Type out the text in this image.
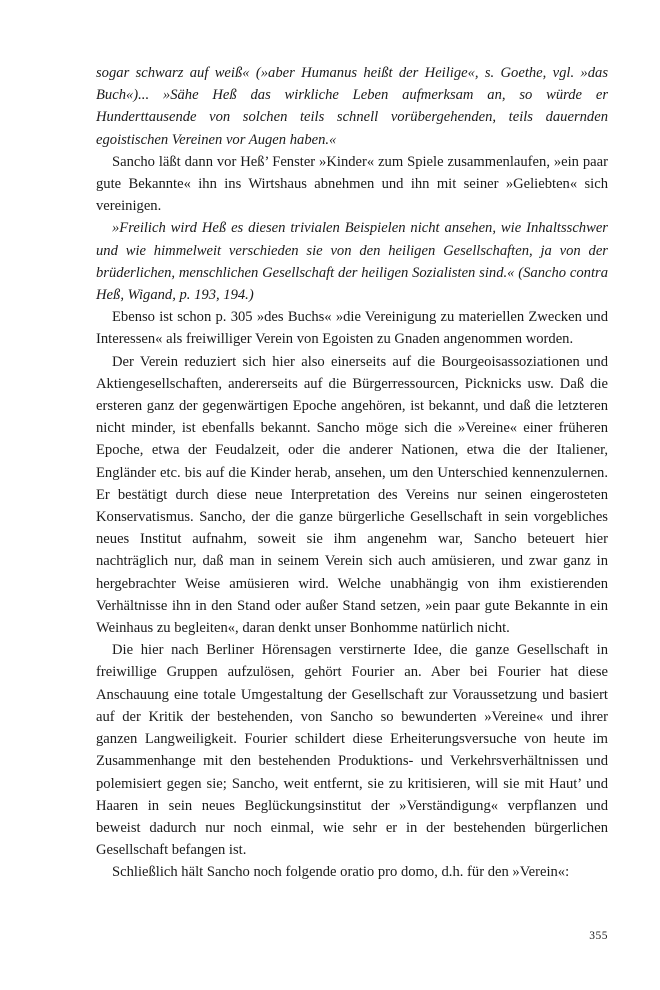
sogar schwarz auf weiß« (»aber Humanus heißt der Heilige«, s. Goethe, vgl. »das Buch«)... »Sähe Heß das wirkliche Leben aufmerksam an, so würde er Hunderttausende von solchen teils schnell vorübergehenden, teils dauernden egoistischen Vereinen vor Augen haben.«

Sancho läßt dann vor Heß’ Fenster »Kinder« zum Spiele zusammenlaufen, »ein paar gute Bekannte« ihn ins Wirtshaus abnehmen und ihn mit seiner »Geliebten« sich vereinigen.

»Freilich wird Heß es diesen trivialen Beispielen nicht ansehen, wie Inhaltsschwer und wie himmelweit verschieden sie von den heiligen Gesellschaften, ja von der brüderlichen, menschlichen Gesellschaft der heiligen Sozialisten sind.« (Sancho contra Heß, Wigand, p. 193, 194.)

Ebenso ist schon p. 305 »des Buchs« »die Vereinigung zu materiellen Zwecken und Interessen« als freiwilliger Verein von Egoisten zu Gnaden angenommen worden.

Der Verein reduziert sich hier also einerseits auf die Bourgeoisassoziationen und Aktiengesellschaften, andererseits auf die Bürgerressourcen, Picknicks usw. Daß die ersteren ganz der gegenwärtigen Epoche angehören, ist bekannt, und daß die letzteren nicht minder, ist ebenfalls bekannt. Sancho möge sich die »Vereine« einer früheren Epoche, etwa der Feudalzeit, oder die anderer Nationen, etwa die der Italiener, Engländer etc. bis auf die Kinder herab, ansehen, um den Unterschied kennenzulernen. Er bestätigt durch diese neue Interpretation des Vereins nur seinen eingerosteten Konservatismus. Sancho, der die ganze bürgerliche Gesellschaft in sein vorgebliches neues Institut aufnahm, soweit sie ihm angenehm war, Sancho beteuert hier nachträglich nur, daß man in seinem Verein sich auch amüsieren, und zwar ganz in hergebrachter Weise amüsieren wird. Welche unabhängig von ihm existierenden Verhältnisse ihn in den Stand oder außer Stand setzen, »ein paar gute Bekannte in ein Weinhaus zu begleiten«, daran denkt unser Bonhomme natürlich nicht.

Die hier nach Berliner Hörensagen verstirnerte Idee, die ganze Gesellschaft in freiwillige Gruppen aufzulösen, gehört Fourier an. Aber bei Fourier hat diese Anschauung eine totale Umgestaltung der Gesellschaft zur Voraussetzung und basiert auf der Kritik der bestehenden, von Sancho so bewunderten »Vereine« und ihrer ganzen Langweiligkeit. Fourier schildert diese Erheiterungsversuche von heute im Zusammenhange mit den bestehenden Produktions- und Verkehrsverhältnissen und polemisiert gegen sie; Sancho, weit entfernt, sie zu kritisieren, will sie mit Haut’ und Haaren in sein neues Beglückungsinstitut der »Verständigung« verpflanzen und beweist dadurch nur noch einmal, wie sehr er in der bestehenden bürgerlichen Gesellschaft befangen ist.

Schließlich hält Sancho noch folgende oratio pro domo, d.h. für den »Verein«:

355
